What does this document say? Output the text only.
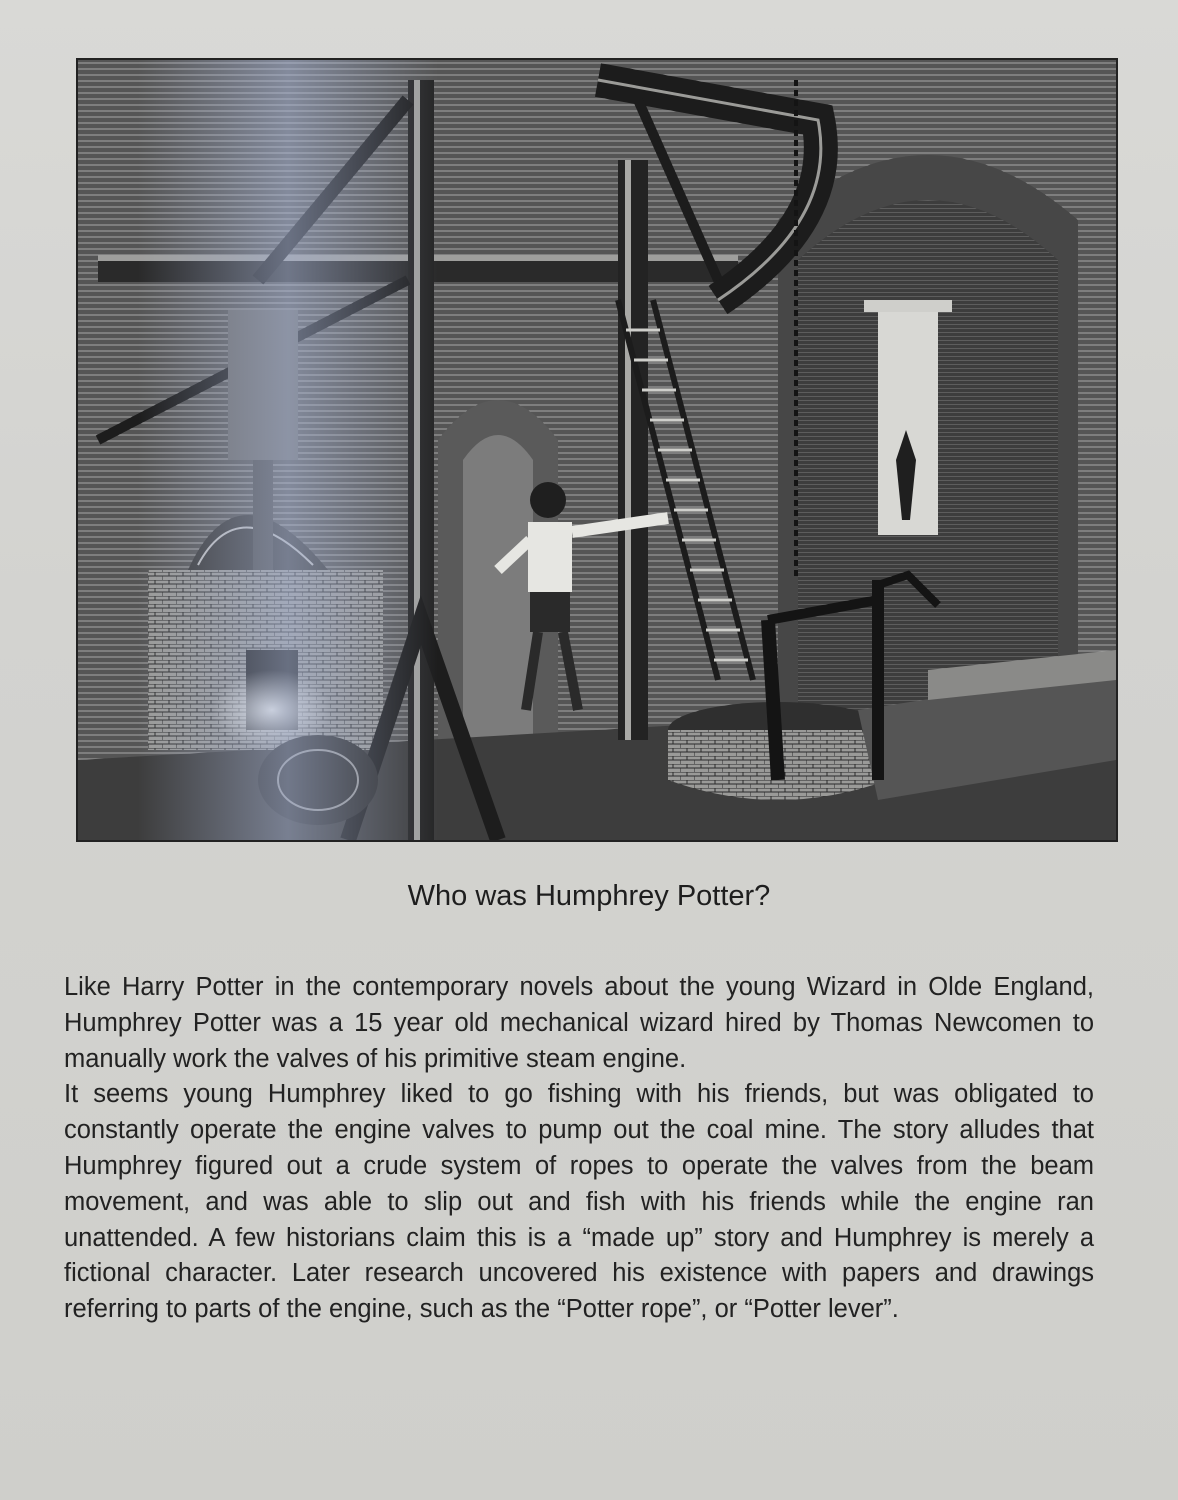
Who was Humphrey Potter?

Like Harry Potter in the contemporary novels about the young Wizard in Olde England, Humphrey Potter was a 15 year old mechanical wizard hired by Thomas Newcomen to manually work the valves of his primitive steam engine.

It seems young Humphrey liked to go fishing with his friends, but was obligated to constantly operate the engine valves to pump out the coal mine. The story alludes that Humphrey figured out a crude system of ropes to operate the valves from the beam movement, and was able to slip out and fish with his friends while the engine ran unattended. A few historians claim this is a “made up” story and Humphrey is merely a fictional character. Later research uncovered his existence with papers and drawings referring to parts of the engine, such as the “Potter rope”, or “Potter lever”.
